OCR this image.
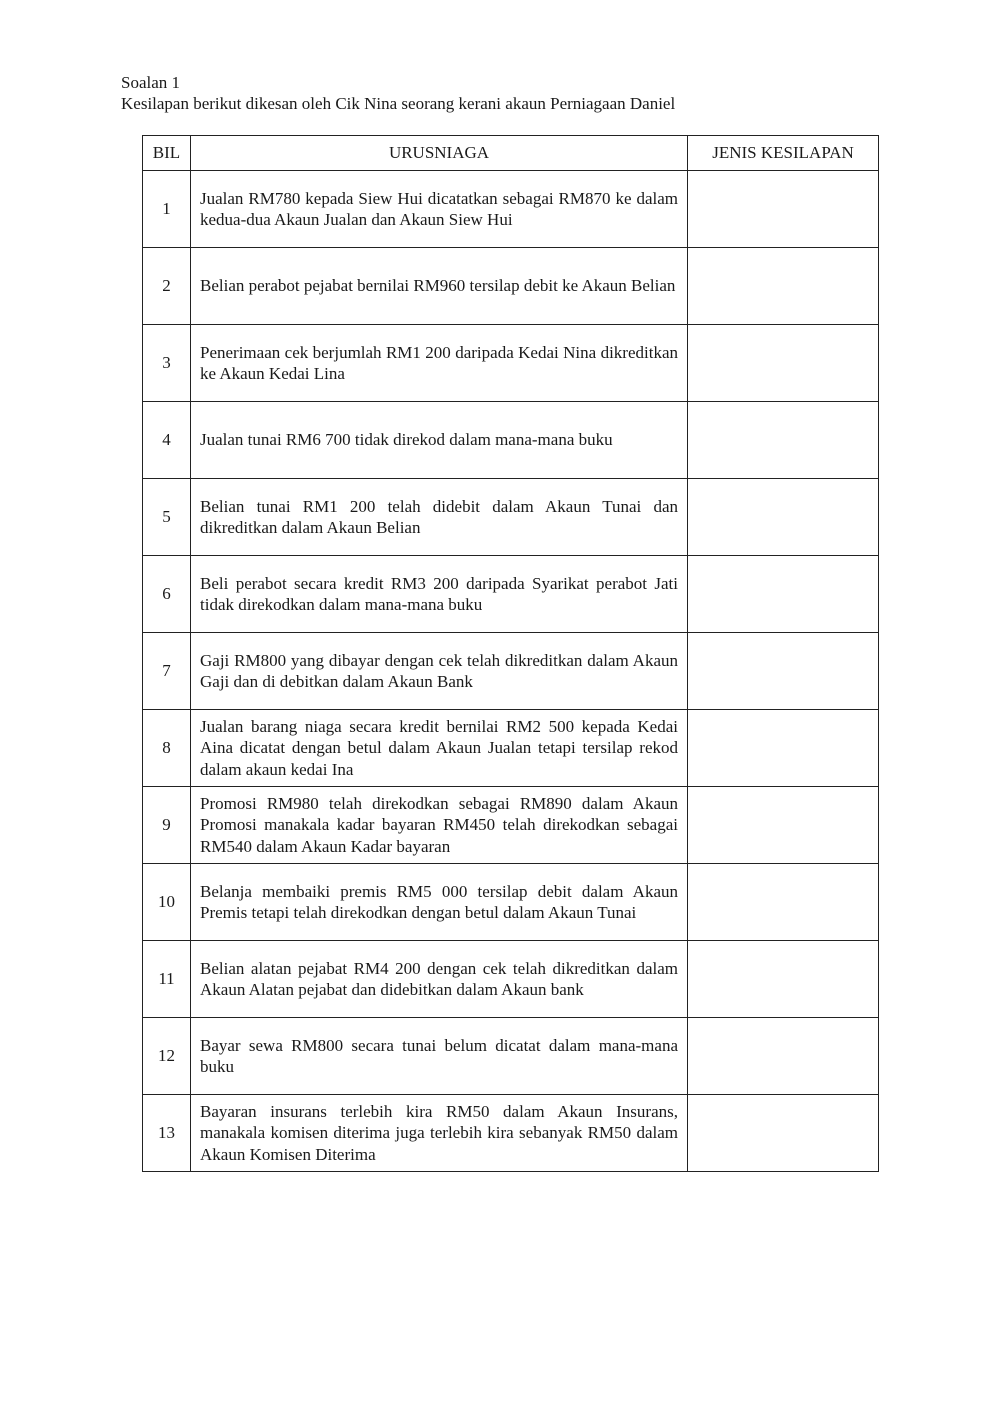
Soalan 1
Kesilapan berikut dikesan oleh Cik Nina seorang kerani akaun Perniagaan Daniel
BIL	URUSNIAGA	JENIS KESILAPAN
1	Jualan RM780 kepada Siew Hui dicatatkan sebagai RM870 ke dalam kedua-dua Akaun Jualan dan Akaun Siew Hui	
2	Belian perabot pejabat bernilai RM960 tersilap debit ke Akaun Belian	
3	Penerimaan cek berjumlah RM1 200 daripada Kedai Nina dikreditkan ke Akaun Kedai Lina	
4	Jualan tunai RM6 700 tidak direkod dalam mana-mana buku	
5	Belian tunai RM1 200 telah didebit dalam Akaun Tunai dan dikreditkan dalam Akaun Belian	
6	Beli perabot secara kredit RM3 200 daripada Syarikat perabot Jati tidak direkodkan dalam mana-mana buku	
7	Gaji RM800 yang dibayar dengan cek telah dikreditkan dalam Akaun Gaji dan di debitkan dalam Akaun Bank	
8	Jualan barang niaga secara kredit bernilai RM2 500 kepada Kedai Aina dicatat dengan betul dalam Akaun Jualan tetapi tersilap rekod dalam akaun kedai Ina	
9	Promosi RM980 telah direkodkan sebagai RM890 dalam Akaun Promosi manakala kadar bayaran RM450 telah direkodkan sebagai RM540 dalam Akaun Kadar bayaran	
10	Belanja membaiki premis RM5 000 tersilap debit dalam Akaun Premis tetapi telah direkodkan dengan betul dalam Akaun Tunai	
11	Belian alatan pejabat RM4 200 dengan cek telah dikreditkan dalam Akaun Alatan pejabat dan didebitkan dalam Akaun bank	
12	Bayar sewa RM800 secara tunai belum dicatat dalam mana-mana buku	
13	Bayaran insurans terlebih kira RM50 dalam Akaun Insurans, manakala komisen diterima juga terlebih kira sebanyak RM50 dalam Akaun Komisen Diterima	
